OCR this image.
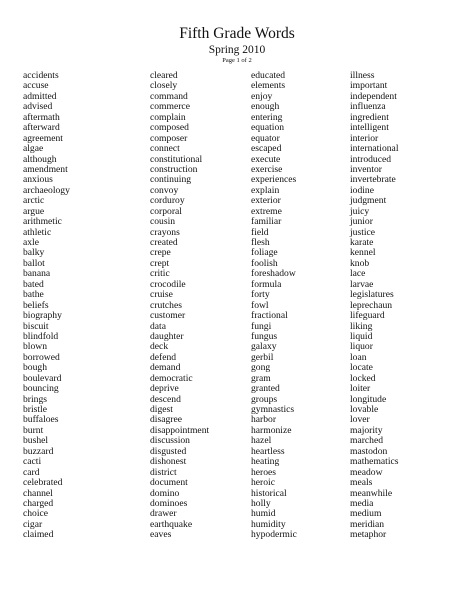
Fifth Grade Words
Spring 2010
Page 1 of 2
accidents
accuse
admitted
advised
aftermath
afterward
agreement
algae
although
amendment
anxious
archaeology
arctic
argue
arithmetic
athletic
axle
balky
ballot
banana
bated
bathe
beliefs
biography
biscuit
blindfold
blown
borrowed
bough
boulevard
bouncing
brings
bristle
buffaloes
burnt
bushel
buzzard
cacti
card
celebrated
channel
charged
choice
cigar
claimed
cleared
closely
command
commerce
complain
composed
composer
connect
constitutional
construction
continuing
convoy
corduroy
corporal
cousin
crayons
created
crepe
crept
critic
crocodile
cruise
crutches
customer
data
daughter
deck
defend
demand
democratic
deprive
descend
digest
disagree
disappointment
discussion
disgusted
dishonest
district
document
domino
dominoes
drawer
earthquake
eaves
educated
elements
enjoy
enough
entering
equation
equator
escaped
execute
exercise
experiences
explain
exterior
extreme
familiar
field
flesh
foliage
foolish
foreshadow
formula
forty
fowl
fractional
fungi
fungus
galaxy
gerbil
gong
gram
granted
groups
gymnastics
harbor
harmonize
hazel
heartless
heating
heroes
heroic
historical
holly
humid
humidity
hypodermic
illness
important
independent
influenza
ingredient
intelligent
interior
international
introduced
inventor
invertebrate
iodine
judgment
juicy
junior
justice
karate
kennel
knob
lace
larvae
legislatures
leprechaun
lifeguard
liking
liquid
liquor
loan
locate
locked
loiter
longitude
lovable
lover
majority
marched
mastodon
mathematics
meadow
meals
meanwhile
media
medium
meridian
metaphor
